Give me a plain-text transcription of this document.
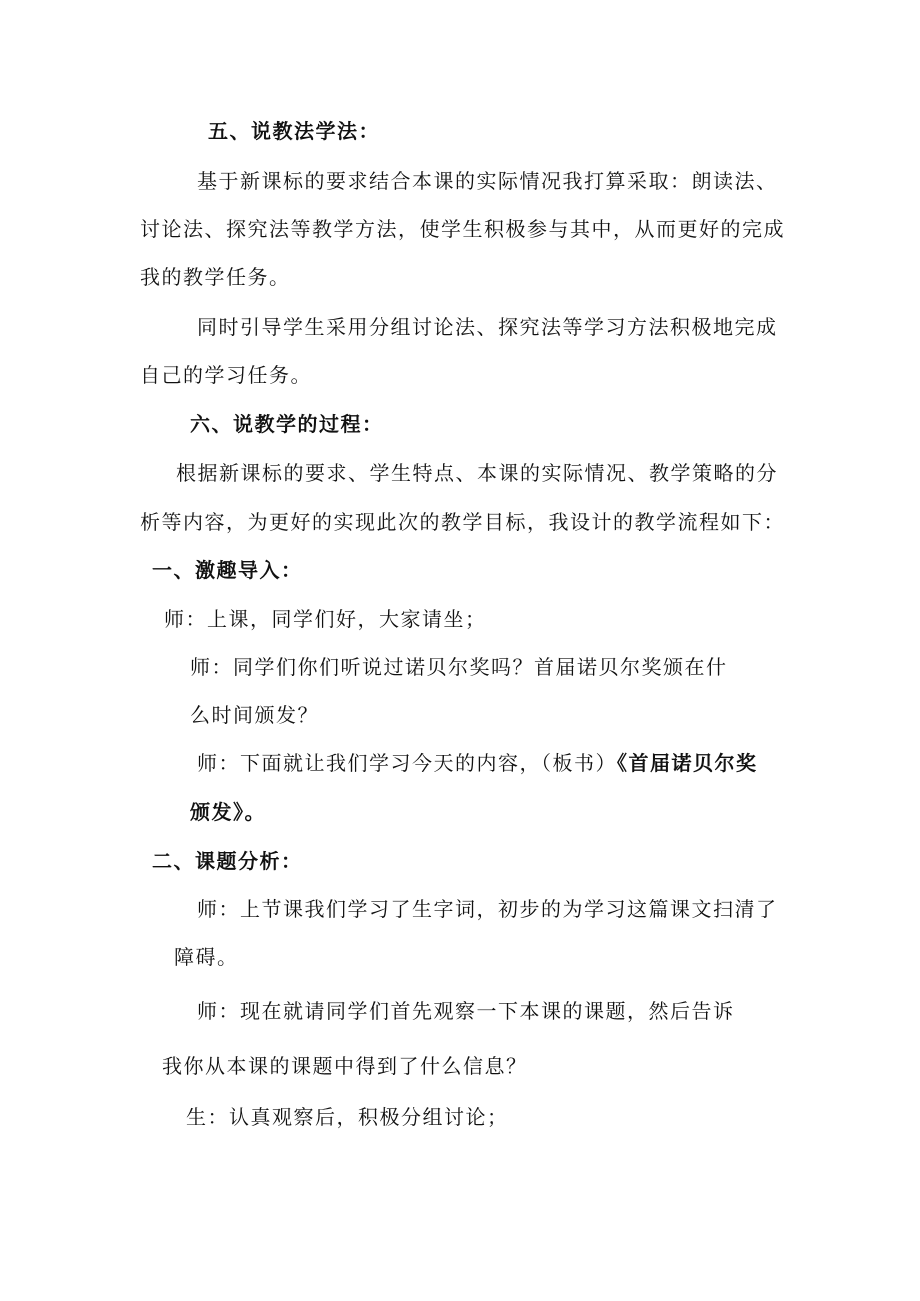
五、说教法学法：
基于新课标的要求结合本课的实际情况我打算采取：朗读法、
讨论法、探究法等教学方法，使学生积极参与其中，从而更好的完成
我的教学任务。
同时引导学生采用分组讨论法、探究法等学习方法积极地完成
自己的学习任务。
六、说教学的过程：
根据新课标的要求、学生特点、本课的实际情况、教学策略的分
析等内容，为更好的实现此次的教学目标，我设计的教学流程如下：
一、激趣导入：
师：上课，同学们好，大家请坐；
师：同学们你们听说过诺贝尔奖吗？首届诺贝尔奖颁在什
么时间颁发？
师：下面就让我们学习今天的内容，（板书）《首届诺贝尔奖
颁发》。
二、课题分析：
师：上节课我们学习了生字词，初步的为学习这篇课文扫清了
障碍。
师：现在就请同学们首先观察一下本课的课题，然后告诉
我你从本课的课题中得到了什么信息？
生：认真观察后，积极分组讨论；
